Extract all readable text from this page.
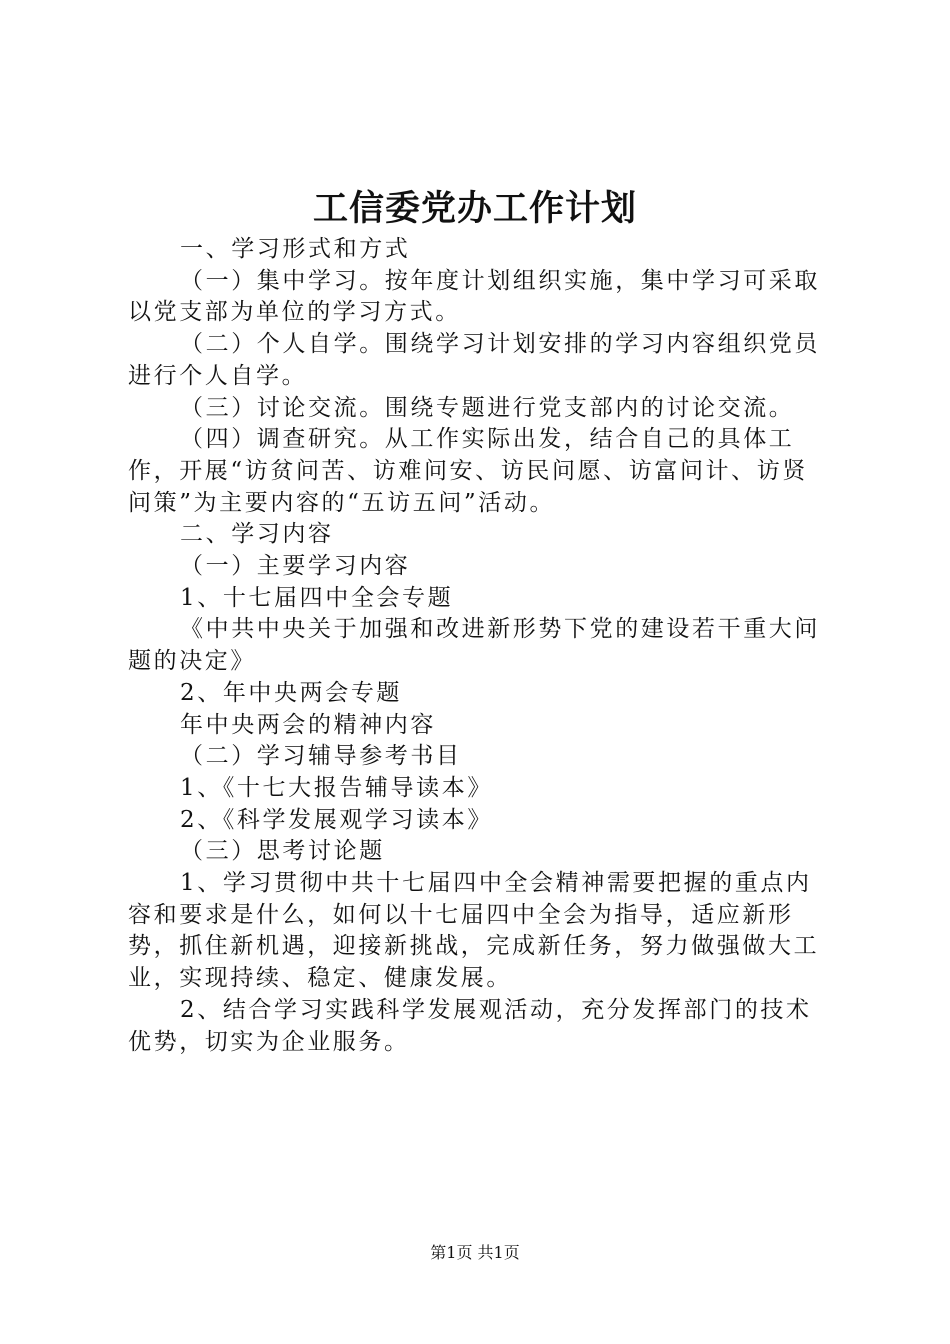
工信委党办工作计划

一、学习形式和方式

（一）集中学习。按年度计划组织实施，集中学习可采取以党支部为单位的学习方式。

（二）个人自学。围绕学习计划安排的学习内容组织党员进行个人自学。

（三）讨论交流。围绕专题进行党支部内的讨论交流。

（四）调查研究。从工作实际出发，结合自己的具体工作，开展“访贫问苦、访难问安、访民问愿、访富问计、访贤问策”为主要内容的“五访五问”活动。

二、学习内容

（一）主要学习内容

1、十七届四中全会专题

《中共中央关于加强和改进新形势下党的建设若干重大问题的决定》

2、年中央两会专题

年中央两会的精神内容

（二）学习辅导参考书目

1、《十七大报告辅导读本》

2、《科学发展观学习读本》

（三）思考讨论题

1、学习贯彻中共十七届四中全会精神需要把握的重点内容和要求是什么，如何以十七届四中全会为指导，适应新形势，抓住新机遇，迎接新挑战，完成新任务，努力做强做大工业，实现持续、稳定、健康发展。

2、结合学习实践科学发展观活动，充分发挥部门的技术优势，切实为企业服务。

第1页 共1页
